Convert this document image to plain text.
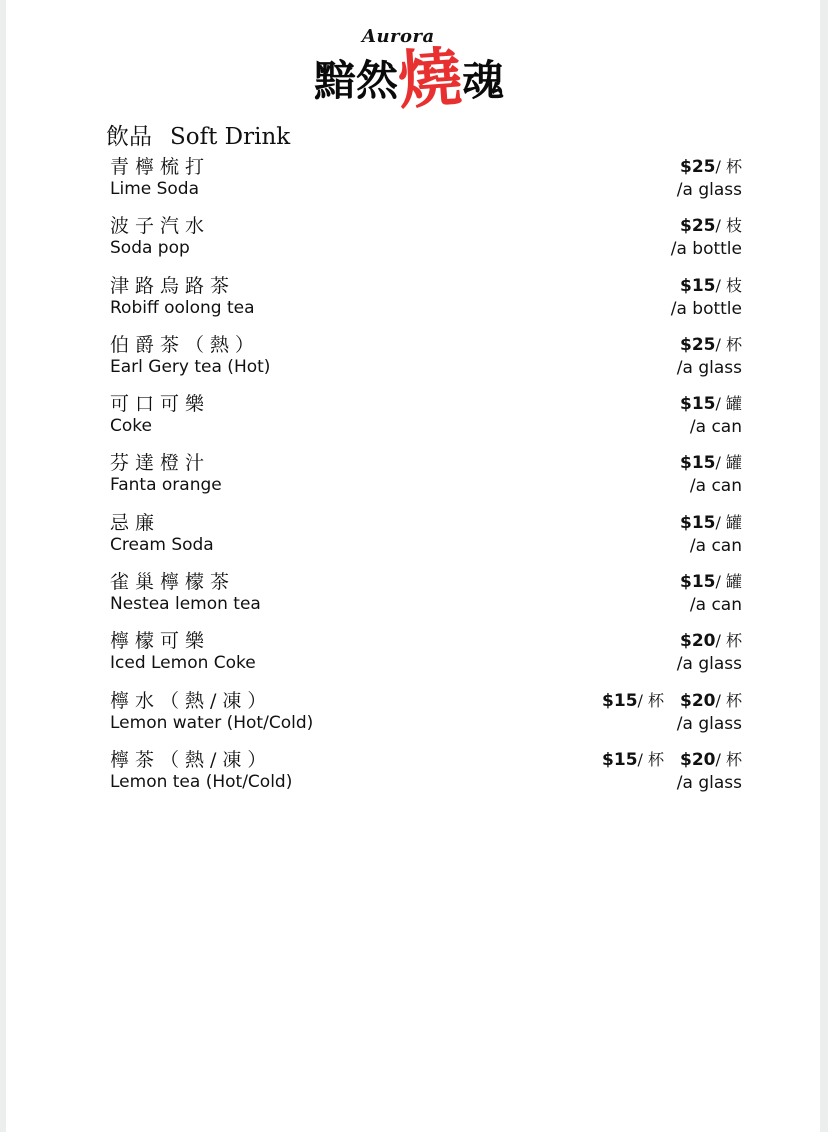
Aurora
黯然燒魂
飲品 Soft Drink
青檸梳打
Lime Soda
$25/ 杯
/a glass
波子汽水
Soda pop
$25/ 枝
/a bottle
津路烏路茶
Robiff oolong tea
$15/ 枝
/a bottle
伯爵茶（熱）
Earl Gery tea (Hot)
$25/ 杯
/a glass
可口可樂
Coke
$15/ 罐
/a can
芬達橙汁
Fanta orange
$15/ 罐
/a can
忌廉
Cream Soda
$15/ 罐
/a can
雀巢檸檬茶
Nestea lemon tea
$15/ 罐
/a can
檸檬可樂
Iced Lemon Coke
$20/ 杯
/a glass
檸水（熱/凍）
Lemon water (Hot/Cold)
$15/ 杯 $20/ 杯
/a glass
檸茶（熱/凍）
Lemon tea (Hot/Cold)
$15/ 杯 $20/ 杯
/a glass
